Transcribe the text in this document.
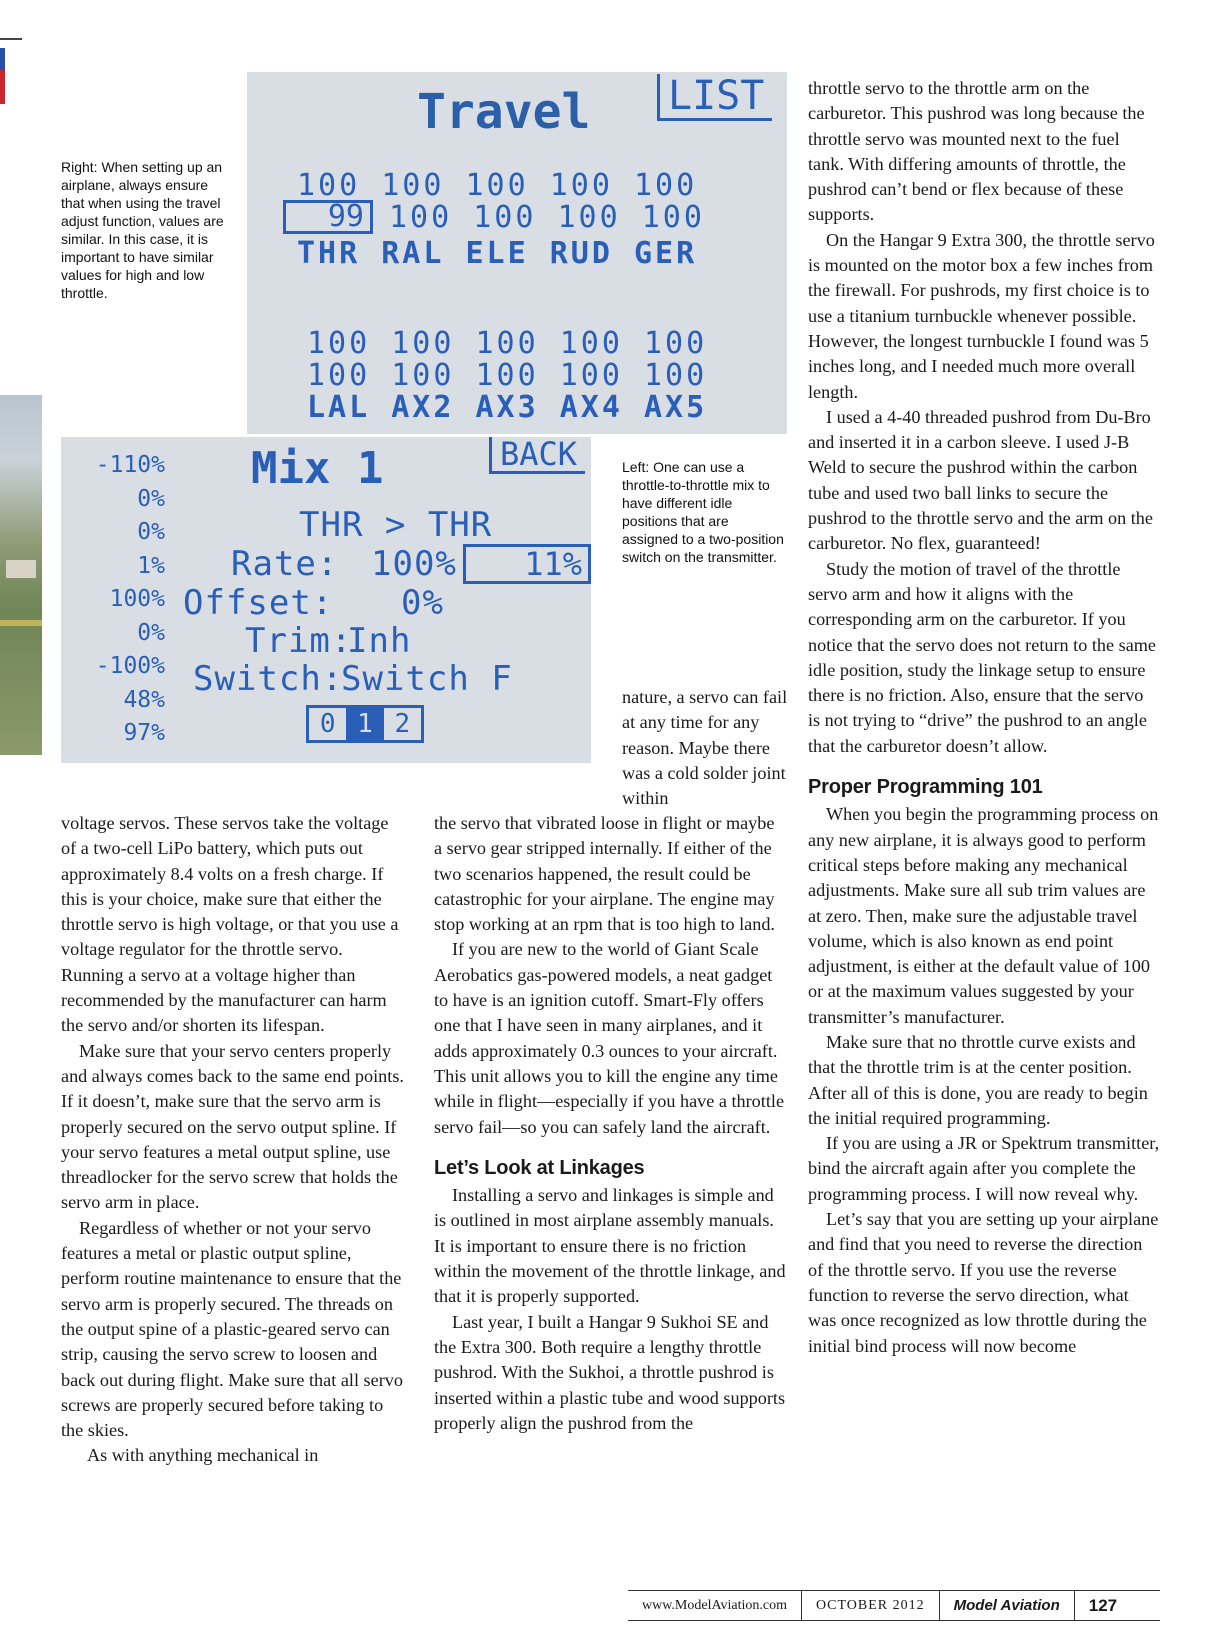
Right: When setting up an airplane, always ensure that when using the travel adjust function, values are similar. In this case, it is important to have similar values for high and low throttle.
Travel LIST
100 100 100 100 100
99 100 100 100 100
THR RAL ELE RUD GER
100 100 100 100 100
100 100 100 100 100
LAL AX2 AX3 AX4 AX5
-110%
0%
0%
1%
100%
0%
-100%
48%
97%
Mix 1	BACK
THR > THR
Rate: 100%	11%
Offset: 0%
Trim:
Inh
Switch:
Switch F
0 1 2
Left: One can use a throttle-to-throttle mix to have different idle positions that are assigned to a two-position switch on the transmitter.

nature, a servo can fail at any time for any reason. Maybe there was a cold solder joint within

voltage servos. These servos take the voltage of a two-cell LiPo battery, which puts out approximately 8.4 volts on a fresh charge. If this is your choice, make sure that either the throttle servo is high voltage, or that you use a voltage regulator for the throttle servo. Running a servo at a voltage higher than recommended by the manufacturer can harm the servo and/or shorten its lifespan.

Make sure that your servo centers properly and always comes back to the same end points. If it doesn’t, make sure that the servo arm is properly secured on the servo output spline. If your servo features a metal output spline, use threadlocker for the servo screw that holds the servo arm in place.

Regardless of whether or not your servo features a metal or plastic output spline, perform routine maintenance to ensure that the servo arm is properly secured. The threads on the output spine of a plastic-geared servo can strip, causing the servo screw to loosen and back out during flight. Make sure that all servo screws are properly secured before taking to the skies.

As with anything mechanical in

the servo that vibrated loose in flight or maybe a servo gear stripped internally. If either of the two scenarios happened, the result could be catastrophic for your airplane. The engine may stop working at an rpm that is too high to land.

If you are new to the world of Giant Scale Aerobatics gas-powered models, a neat gadget to have is an ignition cutoff. Smart-Fly offers one that I have seen in many airplanes, and it adds approximately 0.3 ounces to your aircraft. This unit allows you to kill the engine any time while in flight—especially if you have a throttle servo fail—so you can safely land the aircraft.

Let’s Look at Linkages

Installing a servo and linkages is simple and is outlined in most airplane assembly manuals. It is important to ensure there is no friction within the movement of the throttle linkage, and that it is properly supported.

Last year, I built a Hangar 9 Sukhoi SE and the Extra 300. Both require a lengthy throttle pushrod. With the Sukhoi, a throttle pushrod is inserted within a plastic tube and wood supports properly align the pushrod from the

throttle servo to the throttle arm on the carburetor. This pushrod was long because the throttle servo was mounted next to the fuel tank. With differing amounts of throttle, the pushrod can’t bend or flex because of these supports.

On the Hangar 9 Extra 300, the throttle servo is mounted on the motor box a few inches from the firewall. For pushrods, my first choice is to use a titanium turnbuckle whenever possible. However, the longest turnbuckle I found was 5 inches long, and I needed much more overall length.

I used a 4-40 threaded pushrod from Du-Bro and inserted it in a carbon sleeve. I used J-B Weld to secure the pushrod within the carbon tube and used two ball links to secure the pushrod to the throttle servo and the arm on the carburetor. No flex, guaranteed!

Study the motion of travel of the throttle servo arm and how it aligns with the corresponding arm on the carburetor. If you notice that the servo does not return to the same idle position, study the linkage setup to ensure there is no friction. Also, ensure that the servo is not trying to “drive” the pushrod to an angle that the carburetor doesn’t allow.

Proper Programming 101

When you begin the programming process on any new airplane, it is always good to perform critical steps before making any mechanical adjustments. Make sure all sub trim values are at zero. Then, make sure the adjustable travel volume, which is also known as end point adjustment, is either at the default value of 100 or at the maximum values suggested by your transmitter’s manufacturer.

Make sure that no throttle curve exists and that the throttle trim is at the center position. After all of this is done, you are ready to begin the initial required programming.

If you are using a JR or Spektrum transmitter, bind the aircraft again after you complete the programming process. I will now reveal why.

Let’s say that you are setting up your airplane and find that you need to reverse the direction of the throttle servo. If you use the reverse function to reverse the servo direction, what was once recognized as low throttle during the initial bind process will now become

www.ModelAviation.com	OCTOBER 2012	Model Aviation	127
